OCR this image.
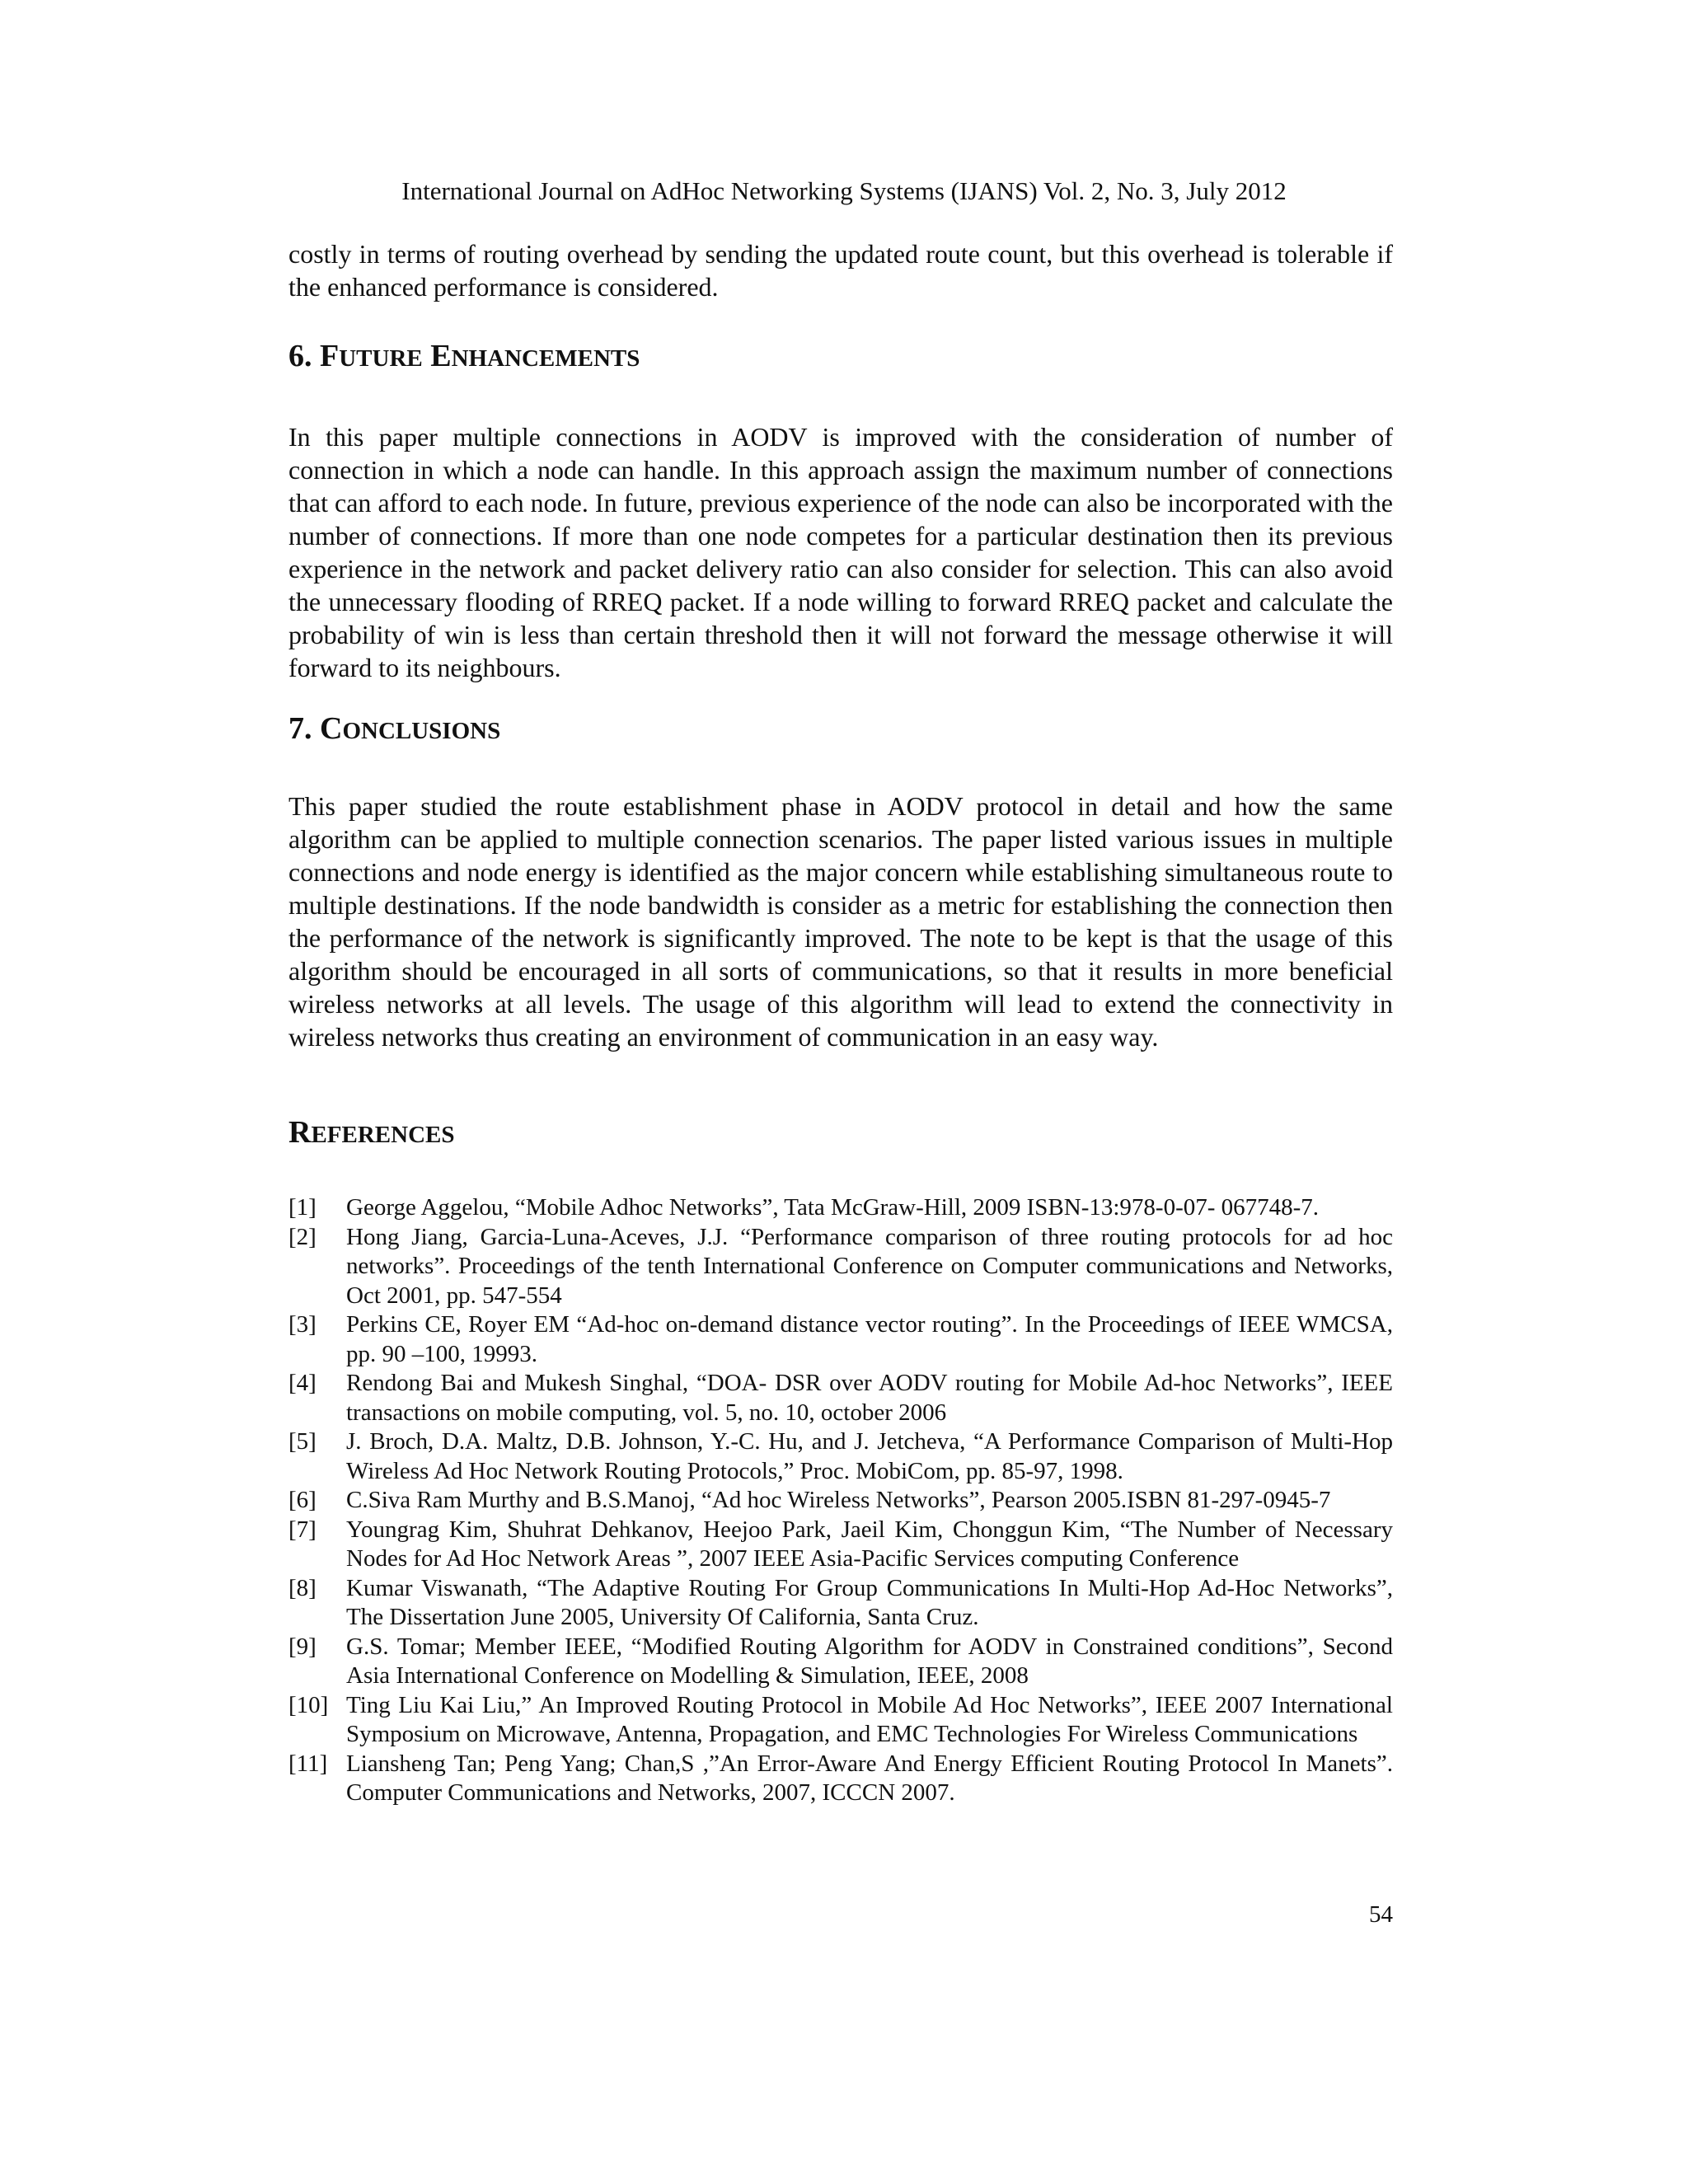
International Journal on AdHoc Networking Systems (IJANS) Vol. 2, No. 3, July 2012

costly in terms of routing overhead by sending the updated route count, but this overhead is tolerable if the enhanced performance is considered.

6. FUTURE ENHANCEMENTS

In this paper multiple connections in AODV is improved with the consideration of number of connection in which a node can handle. In this approach assign the maximum number of connections that can afford to each node. In future, previous experience of the node can also be incorporated with the number of connections. If more than one node competes for a particular destination then its previous experience in the network and packet delivery ratio can also consider for selection. This can also avoid the unnecessary flooding of RREQ packet. If a node willing to forward RREQ packet and calculate the probability of win is less than certain threshold then it will not forward the message otherwise it will forward to its neighbours.

7. CONCLUSIONS

This paper studied the route establishment phase in AODV protocol in detail and how the same algorithm can be applied to multiple connection scenarios. The paper listed various issues in multiple connections and node energy is identified as the major concern while establishing simultaneous route to multiple destinations. If the node bandwidth is consider as a metric for establishing the connection then the performance of the network is significantly improved. The note to be kept is that the usage of this algorithm should be encouraged in all sorts of communications, so that it results in more beneficial wireless networks at all levels. The usage of this algorithm will lead to extend the connectivity in wireless networks thus creating an environment of communication in an easy way.

REFERENCES
[1]	George Aggelou, “Mobile Adhoc Networks”, Tata McGraw-Hill, 2009 ISBN-13:978-0-07- 067748-7.
[2]	Hong Jiang, Garcia-Luna-Aceves, J.J. “Performance comparison of three routing protocols for ad hoc networks”. Proceedings of the tenth International Conference on Computer communications and Networks, Oct 2001, pp. 547-554
[3]	Perkins CE, Royer EM “Ad-hoc on-demand distance vector routing”. In the Proceedings of IEEE WMCSA, pp. 90 –100, 19993.
[4]	Rendong Bai and Mukesh Singhal, “DOA- DSR over AODV routing for Mobile Ad-hoc Networks”, IEEE transactions on mobile computing, vol. 5, no. 10, october 2006
[5]	J. Broch, D.A. Maltz, D.B. Johnson, Y.-C. Hu, and J. Jetcheva, “A Performance Comparison of Multi-Hop Wireless Ad Hoc Network Routing Protocols,” Proc. MobiCom, pp. 85-97, 1998.
[6]	C.Siva Ram Murthy and B.S.Manoj, “Ad hoc Wireless Networks”, Pearson 2005.ISBN 81-297-0945-7
[7]	Youngrag Kim, Shuhrat Dehkanov, Heejoo Park, Jaeil Kim, Chonggun Kim, “The Number of Necessary Nodes for Ad Hoc Network Areas ”, 2007 IEEE Asia-Pacific Services computing Conference
[8]	Kumar Viswanath, “The Adaptive Routing For Group Communications In Multi-Hop Ad-Hoc Networks”, The Dissertation June 2005, University Of California, Santa Cruz.
[9]	G.S. Tomar; Member IEEE, “Modified Routing Algorithm for AODV in Constrained conditions”, Second Asia International Conference on Modelling & Simulation, IEEE, 2008
[10] Ting Liu Kai Liu,” An Improved Routing Protocol in Mobile Ad Hoc Networks”, IEEE 2007 International Symposium on Microwave, Antenna, Propagation, and EMC Technologies For Wireless Communications
[11] Liansheng Tan; Peng Yang; Chan,S ,”An Error-Aware And Energy Efficient Routing Protocol In Manets”. Computer Communications and Networks, 2007, ICCCN 2007.
54
